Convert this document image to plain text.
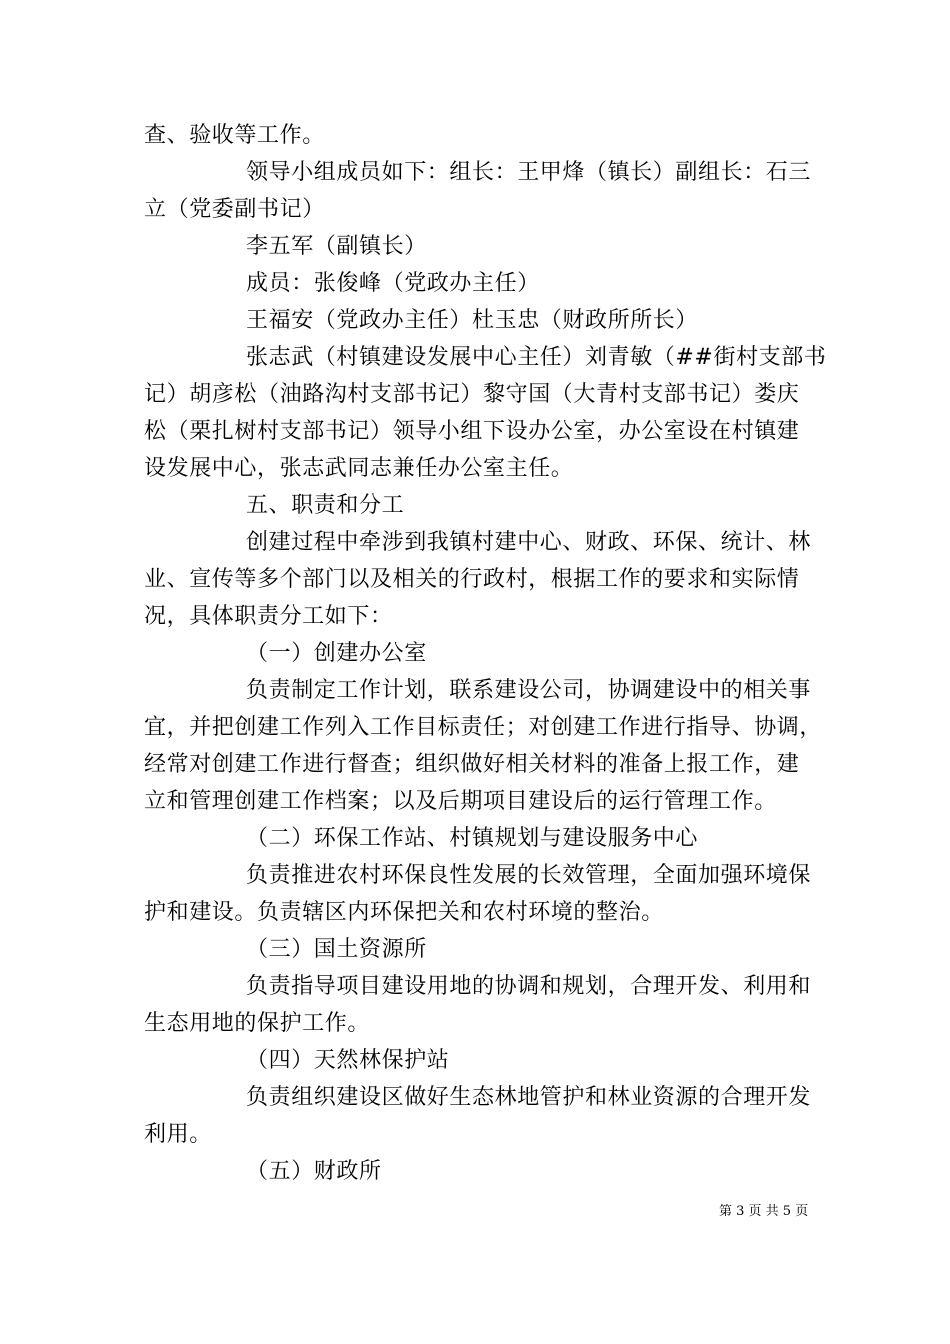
查、验收等工作。
领导小组成员如下：组长：王甲烽（镇长）副组长：石三
立（党委副书记）
李五军（副镇长）
成员：张俊峰（党政办主任）
王福安（党政办主任）杜玉忠（财政所所长）
张志武（村镇建设发展中心主任）刘青敏（##街村支部书
记）胡彦松（油路沟村支部书记）黎守国（大青村支部书记）娄庆
松（栗扎树村支部书记）领导小组下设办公室，办公室设在村镇建
设发展中心，张志武同志兼任办公室主任。
五、职责和分工
创建过程中牵涉到我镇村建中心、财政、环保、统计、林
业、宣传等多个部门以及相关的行政村，根据工作的要求和实际情
况，具体职责分工如下：
（一）创建办公室
负责制定工作计划，联系建设公司，协调建设中的相关事
宜，并把创建工作列入工作目标责任；对创建工作进行指导、协调，
经常对创建工作进行督查；组织做好相关材料的准备上报工作，建
立和管理创建工作档案；以及后期项目建设后的运行管理工作。
（二）环保工作站、村镇规划与建设服务中心
负责推进农村环保良性发展的长效管理，全面加强环境保
护和建设。负责辖区内环保把关和农村环境的整治。
（三）国土资源所
负责指导项目建设用地的协调和规划，合理开发、利用和
生态用地的保护工作。
（四）天然林保护站
负责组织建设区做好生态林地管护和林业资源的合理开发
利用。
（五）财政所
第 3 页 共 5 页
